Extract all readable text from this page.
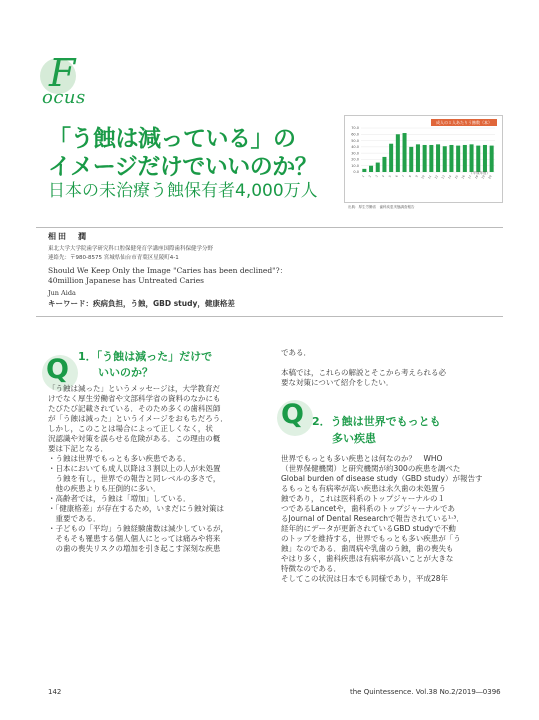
F
ocus
「う蝕は減っている」の
イメージだけでいいのか？
日本の未治療う蝕保有者4,000万人
成人の１人あたりう蝕数（本）
70.0
60.0
50.0
40.0
30.0
20.0
10.0
0.0
1 2 3 4 5 6 7 8 9 10 11 12 13 14 15 16 17 18 19 20
（平成年度）
出典：厚生労働省　歯科疾患実態調査報告
相田　潤
東北大学大学院歯学研究科口腔保健発育学講座国際歯科保健学分野
連絡先：〒980-8575 宮城県仙台市青葉区星陵町4-1
Should We Keep Only the Image "Caries has been declined"?：
40million Japanese has Untreated Caries
Jun Aida
キーワード：疾病負担，う蝕，GBD study，健康格差
Q 1．「う蝕は減った」だけで
いいのか？
「う蝕は減った」というメッセージは，大学教育だ
けでなく厚生労働省や文部科学省の資料のなかにも
たびたび記載されている．そのため多くの歯科医師
が「う蝕は減った」というイメージをおもちだろう．
しかし，このことは場合によって正しくなく，状
況認識や対策を誤らせる危険がある．この理由の概
要は下記となる．
・う蝕は世界でもっとも多い疾患である．
・日本においても成人以降は３割以上の人が未処置
　う蝕を有し，世界での報告と同レベルの多さで，
　他の疾患よりも圧倒的に多い．
・高齢者では，う蝕は「増加」している．
・「健康格差」が存在するため，いまだにう蝕対策は
　重要である．
・子どもの「平均」う蝕経験歯数は減少しているが，
　そもそも罹患する個人個人にとっては痛みや将来
　の歯の喪失リスクの増加を引き起こす深刻な疾患
である．

本稿では，これらの解説とそこから考えられる必
要な対策について紹介をしたい．
Q 2．う蝕は世界でもっとも
多い疾患
世界でもっとも多い疾患とは何なのか？　WHO
（世界保健機関）と研究機関が約300の疾患を調べた
Global burden of disease study（GBD study）が報告す
るもっとも有病率が高い疾患は永久歯の未処置う
蝕であり，これは医科系のトップジャーナルの１
つであるLancetや，歯科系のトップジャーナルであ
るJournal of Dental Researchで報告されている¹·³．
経年的にデータが更新されているGBD studyで不動
のトップを維持する，世界でもっとも多い疾患が「う
蝕」なのである．歯周病や乳歯のう蝕，歯の喪失も
やはり多く，歯科疾患は有病率が高いことが大きな
特徴なのである．
そしてこの状況は日本でも同様であり，平成28年
142	the Quintessence. Vol.38 No.2/2019―0396
